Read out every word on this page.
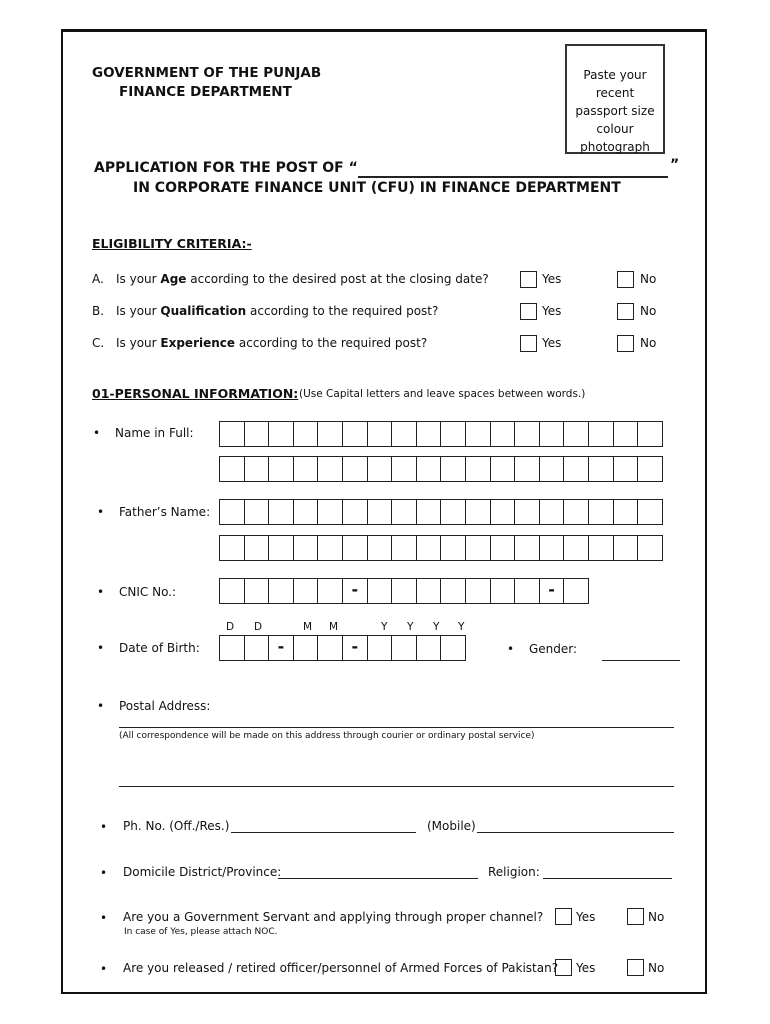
GOVERNMENT OF THE PUNJAB
FINANCE DEPARTMENT
Paste your recent
passport size
colour photograph
APPLICATION FOR THE POST OF “	”
IN CORPORATE FINANCE UNIT (CFU) IN FINANCE DEPARTMENT
ELIGIBILITY CRITERIA:-
A. Is your Age according to the desired post at the closing date?	Yes	No
B. Is your Qualification according to the required post?	Yes	No
C. Is your Experience according to the required post?	Yes	No
01-PERSONAL INFORMATION: (Use Capital letters and leave spaces between words.)
• Name in Full:
• Father’s Name:
• CNIC No.:	-	-
D D	M M	Y Y Y Y
• Date of Birth:	-	-	• Gender:
• Postal Address:
(All correspondence will be made on this address through courier or ordinary postal service)
• Ph. No. (Off./Res.)	(Mobile)
• Domicile District/Province:	Religion:
• Are you a Government Servant and applying through proper channel?
In case of Yes, please attach NOC.
Yes	No
• Are you released / retired officer/personnel of Armed Forces of Pakistan? Yes	No
